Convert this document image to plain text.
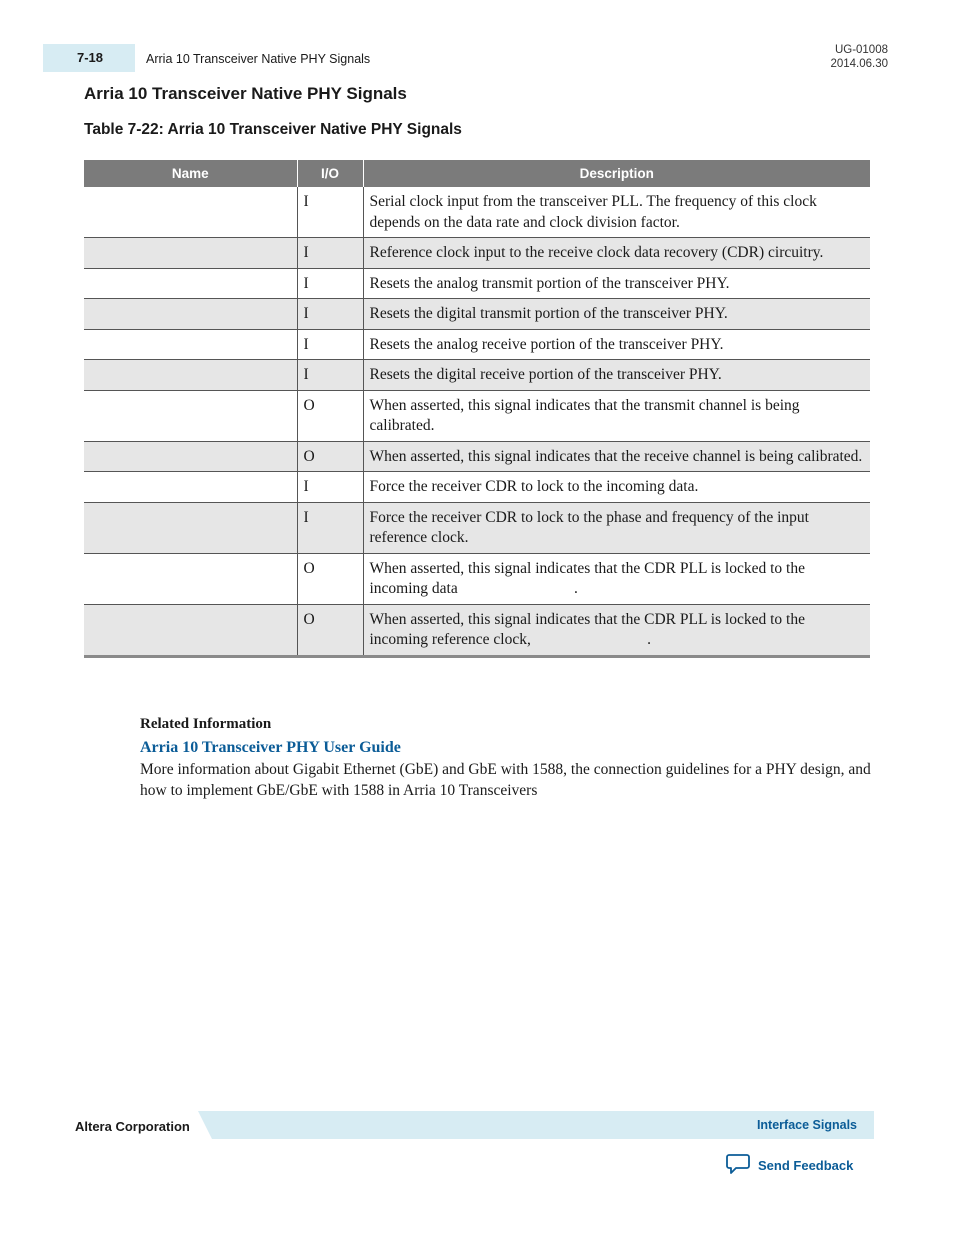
7-18	Arria 10 Transceiver Native PHY Signals
UG-01008
2014.06.30
Arria 10 Transceiver Native PHY Signals
Table 7-22: Arria 10 Transceiver Native PHY Signals
Name	I/O	Description
	I	Serial clock input from the transceiver PLL. The frequency of this clock depends on the data rate and clock division factor.
	I	Reference clock input to the receive clock data recovery (CDR) circuitry.
	I	Resets the analog transmit portion of the transceiver PHY.
	I	Resets the digital transmit portion of the transceiver PHY.
	I	Resets the analog receive portion of the transceiver PHY.
	I	Resets the digital receive portion of the transceiver PHY.
	O	When asserted, this signal indicates that the transmit channel is being calibrated.
	O	When asserted, this signal indicates that the receive channel is being calibrated.
	I	Force the receiver CDR to lock to the incoming data.
	I	Force the receiver CDR to lock to the phase and frequency of the input reference clock.
	O	When asserted, this signal indicates that the CDR PLL is locked to the incoming data                              .
	O	When asserted, this signal indicates that the CDR PLL is locked to the incoming reference clock,                              .
Related Information
Arria 10 Transceiver PHY User Guide
More information about Gigabit Ethernet (GbE) and GbE with 1588, the connection guidelines for a PHY design, and how to implement GbE/GbE with 1588 in Arria 10 Transceivers
Altera Corporation	Interface Signals
Send Feedback
